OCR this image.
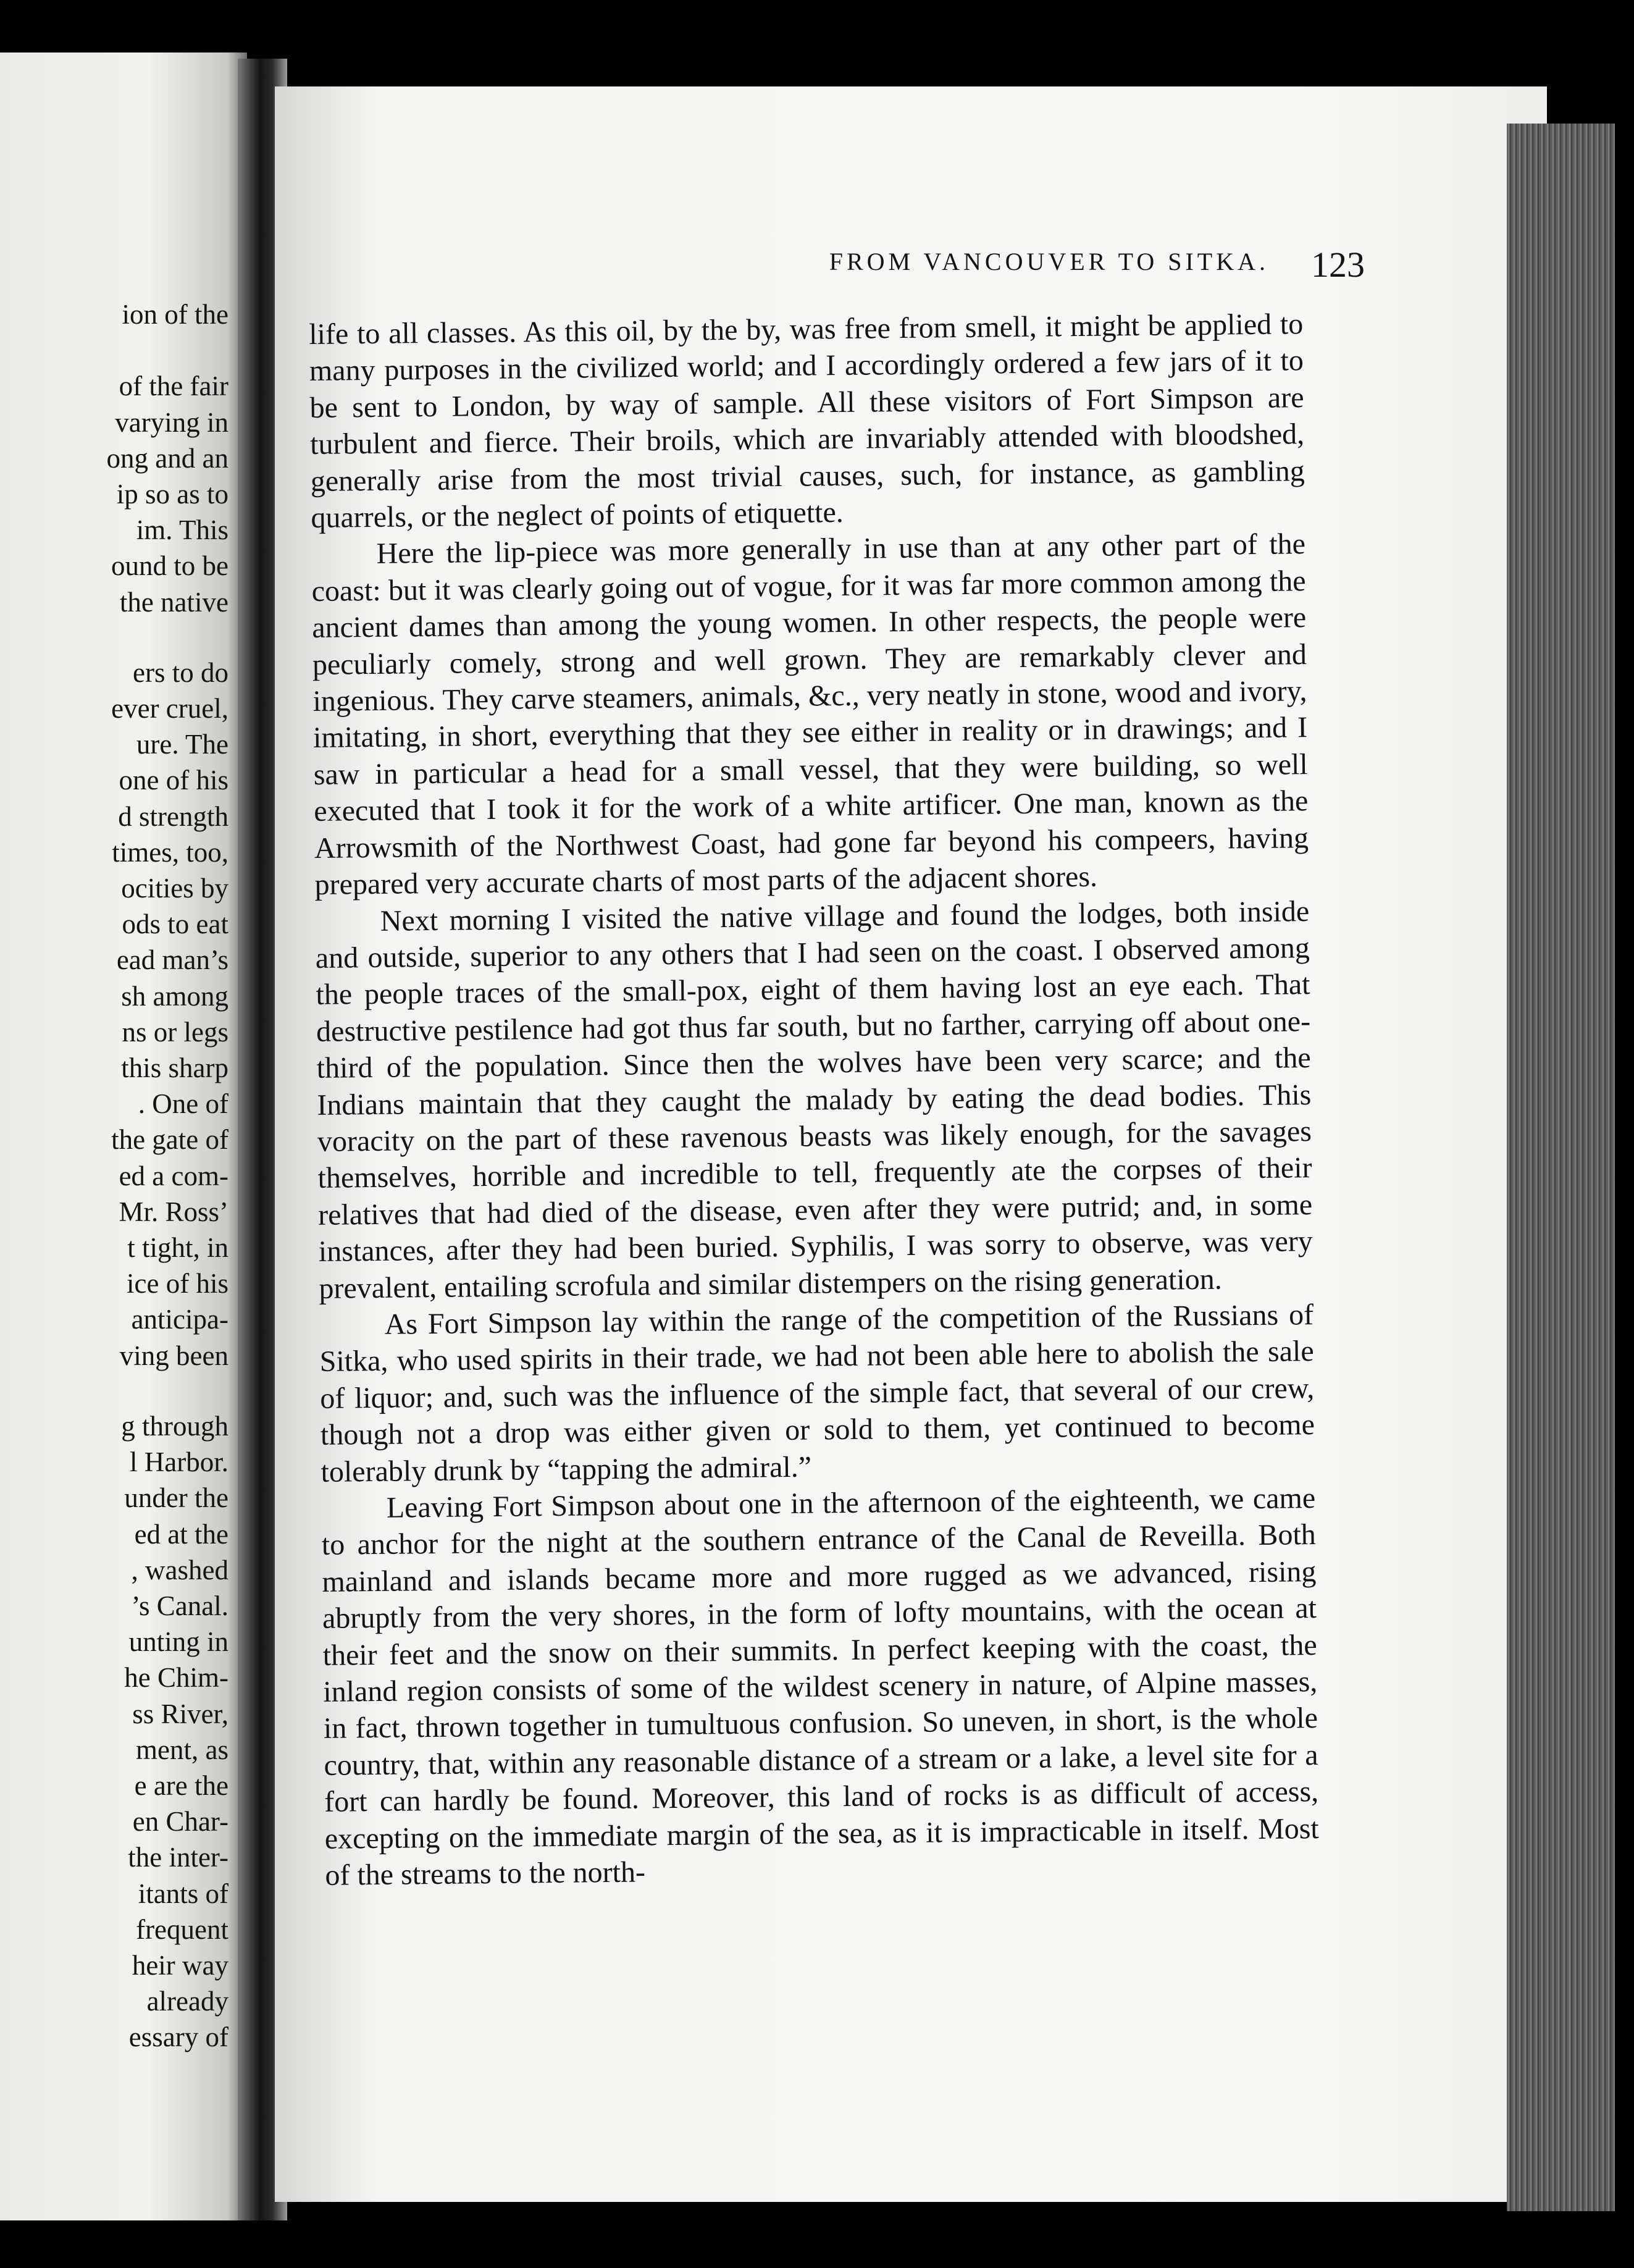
ion of the

of the fair
varying in
ong and an
ip so as to
im. This
ound to be
the native
ers to do
ever cruel,
ure. The
one of his
d strength
times, too,
ocities by
ods to eat
ead man’s
sh among
ns or legs
this sharp
. One of
the gate of
ed a com-
Mr. Ross’
t tight, in
ice of his
anticipa-
ving been
g through
l Harbor.
under the
ed at the
, washed
’s Canal.
unting in
he Chim-
ss River,
ment, as
e are the
en Char-
the inter-
itants of
frequent
heir way
already
essary of
FROM VANCOUVER TO SITKA.	123

life to all classes. As this oil, by the by, was free from smell, it might be applied to many purposes in the civilized world; and I accordingly ordered a few jars of it to be sent to London, by way of sample. All these visitors of Fort Simpson are turbulent and fierce. Their broils, which are invariably attended with bloodshed, generally arise from the most trivial causes, such, for instance, as gambling quarrels, or the neglect of points of etiquette.

Here the lip-piece was more generally in use than at any other part of the coast: but it was clearly going out of vogue, for it was far more common among the ancient dames than among the young women. In other respects, the people were peculiarly comely, strong and well grown. They are remarkably clever and ingenious. They carve steamers, animals, &c., very neatly in stone, wood and ivory, imitating, in short, everything that they see either in reality or in drawings; and I saw in particular a head for a small vessel, that they were building, so well executed that I took it for the work of a white artificer. One man, known as the Arrowsmith of the Northwest Coast, had gone far beyond his compeers, having prepared very accurate charts of most parts of the adjacent shores.

Next morning I visited the native village and found the lodges, both inside and outside, superior to any others that I had seen on the coast. I observed among the people traces of the small-pox, eight of them having lost an eye each. That destructive pestilence had got thus far south, but no farther, carrying off about one-third of the population. Since then the wolves have been very scarce; and the Indians maintain that they caught the malady by eating the dead bodies. This voracity on the part of these ravenous beasts was likely enough, for the savages themselves, horrible and incredible to tell, frequently ate the corpses of their relatives that had died of the disease, even after they were putrid; and, in some instances, after they had been buried. Syphilis, I was sorry to observe, was very prevalent, entailing scrofula and similar distempers on the rising generation.

As Fort Simpson lay within the range of the competition of the Russians of Sitka, who used spirits in their trade, we had not been able here to abolish the sale of liquor; and, such was the influence of the simple fact, that several of our crew, though not a drop was either given or sold to them, yet continued to become tolerably drunk by “tapping the admiral.”

Leaving Fort Simpson about one in the afternoon of the eighteenth, we came to anchor for the night at the southern entrance of the Canal de Reveilla. Both mainland and islands became more and more rugged as we advanced, rising abruptly from the very shores, in the form of lofty mountains, with the ocean at their feet and the snow on their summits. In perfect keeping with the coast, the inland region consists of some of the wildest scenery in nature, of Alpine masses, in fact, thrown together in tumultuous confusion. So uneven, in short, is the whole country, that, within any reasonable distance of a stream or a lake, a level site for a fort can hardly be found. Moreover, this land of rocks is as difficult of access, excepting on the immediate margin of the sea, as it is impracticable in itself. Most of the streams to the north-
